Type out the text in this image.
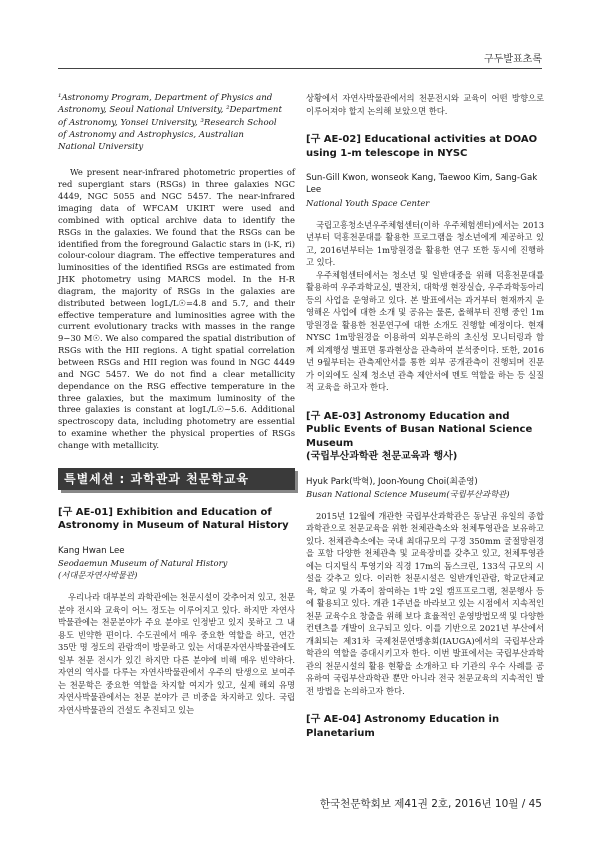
구두발표초록
¹Astronomy Program, Department of Physics and
Astronomy, Seoul National University, ²Department
of Astronomy, Yonsei University, ³Research School
of Astronomy and Astrophysics, Australian
National University

We present near-infrared photometric properties of red supergiant stars (RSGs) in three galaxies NGC 4449, NGC 5055 and NGC 5457. The near-infrared imaging data of WFCAM UKIRT were used and combined with optical archive data to identify the RSGs in the galaxies. We found that the RSGs can be identified from the foreground Galactic stars in (i-K, ri) colour-colour diagram. The effective temperatures and luminosities of the identified RSGs are estimated from JHK photometry using MARCS model. In the H-R diagram, the majority of RSGs in the galaxies are distributed between logL/L☉=4.8 and 5.7, and their effective temperature and luminosities agree with the current evolutionary tracks with masses in the range 9−30 M☉. We also compared the spatial distribution of RSGs with the HII regions. A tight spatial correlation between RSGs and HII region was found in NGC 4449 and NGC 5457. We do not find a clear metallicity dependance on the RSG effective temperature in the three galaxies, but the maximum luminosity of the three galaxies is constant at logL/L☉~5.6. Additional spectroscopy data, including photometry are essential to examine whether the physical properties of RSGs change with metallicity.

특별세션 : 과학관과 천문학교육
[구 AE-01] Exhibition and Education of Astronomy in Museum of Natural History
Kang Hwan Lee
Seodaemun Museum of Natural History
(서대문자연사박물관)

우리나라 대부분의 과학관에는 천문시설이 갖추어져 있고, 천문분야 전시와 교육이 어느 정도는 이루어지고 있다. 하지만 자연사박물관에는 천문분야가 주요 분야로 인정받고 있지 못하고 그 내용도 빈약한 편이다. 수도권에서 매우 중요한 역할을 하고, 연간 35만 명 정도의 관람객이 방문하고 있는 서대문자연사박물관에도 일부 천문 전시가 있긴 하지만 다른 분야에 비해 매우 빈약하다. 자연의 역사를 다루는 자연사박물관에서 우주의 탄생으로 보여주는 천문학은 중요한 역할을 차지할 여지가 있고, 실제 해외 유명 자연사박물관에서는 천문 분야가 큰 비중을 차지하고 있다. 국립자연사박물관의 건설도 추진되고 있는

상황에서 자연사박물관에서의 천문전시와 교육이 어떤 방향으로 이루어져야 할지 논의해 보았으면 한다.

[구 AE-02] Educational activities at DOAO using 1-m telescope in NYSC
Sun-Gill Kwon, wonseok Kang, Taewoo Kim, Sang-Gak Lee
National Youth Space Center

국립고흥청소년우주체험센터(이하 우주체험센터)에서는 2013년부터 덕흥천문대를 활용한 프로그램을 청소년에게 제공하고 있고, 2016년부터는 1m망원경을 활용한 연구 또한 동시에 진행하고 있다.

우주체험센터에서는 청소년 및 일반대중을 위해 덕흥천문대를 활용하여 우주과학교실, 별잔치, 대학생 현장실습, 우주과학동아리 등의 사업을 운영하고 있다. 본 발표에서는 과거부터 현재까지 운영해온 사업에 대한 소개 및 공유는 물론, 올해부터 진행 중인 1m망원경을 활용한 천문연구에 대한 소개도 진행할 예정이다. 현재 NYSC 1m망원경을 이용하여 외부은하의 초신성 모니터링과 함께 외계행성 별표면 통과현상을 관측하여 분석중이다. 또한, 2016년 9월부터는 관측제안서를 통한 외부 공개관측이 진행되며 진문가 이외에도 실제 청소년 관측 제안서에 멘토 역할을 하는 등 실질적 교육을 하고자 한다.

[구 AE-03] Astronomy Education and Public Events of Busan National Science Museum
(국립부산과학관 천문교육과 행사)
Hyuk Park(박혁), Joon-Young Choi(최준영)
Busan National Science Museum(국립부산과학관)

2015년 12월에 개관한 국립부산과학관은 동남권 유일의 종합과학관으로 천문교육을 위한 천체관측소와 천체투영관을 보유하고 있다. 천체관측소에는 국내 최대규모의 구경 350mm 굴절망원경을 포함 다양한 천체관측 및 교육장비를 갖추고 있고, 천체투영관에는 디지털식 투영기와 직경 17m의 돔스크린, 133석 규모의 시설을 갖추고 있다. 이러한 천문시설은 일반개인관람, 학교단체교육, 학교 및 가족이 참여하는 1박 2일 캠프프로그램, 천문행사 등에 활용되고 있다. 개관 1주년을 바라보고 있는 시점에서 지속적인 천문 교육수요 창출을 위해 보다 효율적인 운영방법모색 및 다양한 컨텐츠를 개발이 요구되고 있다. 이를 기반으로 2021년 부산에서 개최되는 제31차 국제천문연맹총회(IAUGA)에서의 국립부산과학관의 역할을 증대시키고자 한다. 이번 발표에서는 국립부산과학관의 천문시설의 활용 현황을 소개하고 타 기관의 우수 사례를 공유하여 국립부산과학관 뿐만 아니라 전국 천문교육의 지속적인 발전 방법을 논의하고자 한다.

[구 AE-04] Astronomy Education in Planetarium
한국천문학회보 제41권 2호, 2016년 10월 / 45
